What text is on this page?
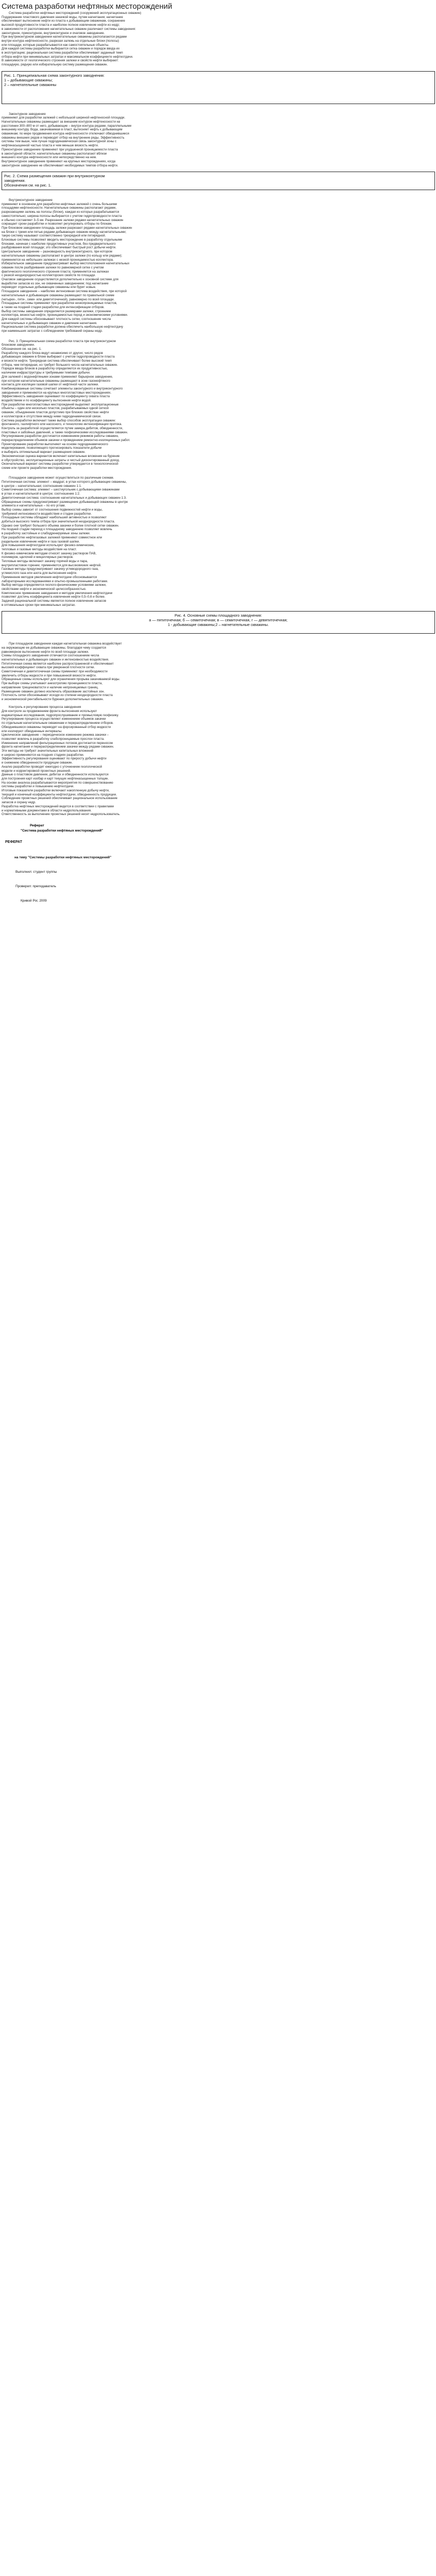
Система разработки нефтяных месторождений
Система разработки нефтяных месторождений (сооружений эксплуатационных скважин)
Поддержание пластового давления закачкой воды, путем нагнетания; нагнетание
обеспечивает вытеснение нефти из пласта к добывающим скважинам, сохранение
высокой продуктивности пласта и наиболее полное извлечение нефти из недр;
в зависимости от расположения нагнетательных скважин различают системы заводнения:
законтурное, приконтурное, внутриконтурное и очаговое заводнение.
При внутриконтурном заводнении нагнетательные скважины располагаются рядами
внутри контура нефтеносности, разрезая залежь на отдельные блоки (полосы)
или площади, которые разрабатываются как самостоятельные объекты.
Для каждой системы разработки выбирается сетка скважин и порядок ввода их
в эксплуатацию; рациональная система разработки обеспечивает заданный темп
отбора нефти при минимальных затратах и максимальном коэффициенте нефтеотдачи.
В зависимости от геологического строения залежи и свойств нефти выбирают:
площадную, рядную или избирательную систему размещения скважин.
Рис. 1. Принципиальная схема законтурного заводнения:
1 – добывающие скважины;
2 – нагнетательные скважины
Законтурное заводнение
применяют для разработки залежей с небольшой шириной нефтеносной площади.
Нагнетательные скважины размещают за внешним контуром нефтеносности на
расстоянии 300–800 м от него, добывающие – внутри контура рядами, параллельными
внешнему контуру. Вода, закачиваемая в пласт, вытесняет нефть к добывающим
скважинам; по мере продвижения контура нефтеносности отключают обводнившиеся
скважины внешних рядов и переводят отбор на внутренние ряды. Эффективность
системы тем выше, чем лучше гидродинамическая связь законтурной зоны с
нефтенасыщенной частью пласта и чем меньше вязкость нефти.
Приконтурное заводнение применяют при ухудшенной проницаемости пласта
в законтурной области; нагнетательные скважины располагают вблизи
внешнего контура нефтеносности или непосредственно на нем.
Внутриконтурное заводнение применяют на крупных месторождениях, когда
законтурное заводнение не обеспечивает необходимых темпов отбора нефти.
Рис. 2. Схема размещения скважин при внутриконтурном
заводнении.
Обозначения см. на рис. 1.
Внутриконтурное заводнение
применяют в основном для разработки нефтяных залежей с очень большими
площадями нефтеносности. Нагнетательные скважины располагают рядами,
разрезающими залежь на полосы (блоки), каждая из которых разрабатывается
самостоятельно; ширина полосы выбирается с учетом гидропроводности пласта
и обычно составляет 3–5 км. Разрезание залежи рядами нагнетательных скважин
сокращает сроки разработки и позволяет регулировать отборы по блокам.
При блоковом заводнении площадь залежи разрезают рядами нагнетательных скважин
на блоки с тремя или пятью рядами добывающих скважин между нагнетательными;
такую систему называют соответственно трехрядной или пятирядной.
Блоковые системы позволяют вводить месторождение в разработку отдельными
блоками, начиная с наиболее продуктивных участков, без предварительного
разбуривания всей площади; это обеспечивает быстрый рост добычи нефти.
Центральное заводнение – разновидность внутриконтурного, при котором
нагнетательные скважины располагают в центре залежи (по кольцу или рядами);
применяется на небольших залежах с низкой проницаемостью коллектора.
Избирательное заводнение предусматривает выбор местоположения нагнетательных
скважин после разбуривания залежи по равномерной сетке с учетом
фактического геологического строения пласта; применяется на залежах
с резкой неоднородностью коллекторских свойств по площади.
Очаговое заводнение осуществляется дополнительно к основной системе для
выработки запасов из зон, не охваченных заводнением; под нагнетание
переводят отдельные добывающие скважины или бурят новые.
Площадное заводнение – наиболее интенсивная система воздействия, при которой
нагнетательные и добывающие скважины размещают по правильной схеме
(четырех-, пяти-, семи- или девятиточечной), равномерно по всей площади.
Площадные системы применяют при разработке низкопроницаемых пластов,
а также на поздней стадии разработки для интенсификации отборов.
Выбор системы заводнения определяется размерами залежи, строением
коллектора, вязкостью нефти, проницаемостью пород и экономическими условиями.
Для каждой системы обосновывают плотность сетки, соотношение числа
нагнетательных и добывающих скважин и давление нагнетания.
Рациональная система разработки должна обеспечить наибольшую нефтеотдачу
при наименьших затратах с соблюдением требований охраны недр.
Рис. 3. Принципиальная схема разработки пласта при внутриконтурном
блоковом заводнении.
Обозначения см. на рис. 1.
Разработку каждого блока ведут независимо от других; число рядов
добывающих скважин в блоке выбирают с учетом гидропроводности пласта
и вязкости нефти. Трехрядная система обеспечивает более высокий темп
отбора, чем пятирядная, но требует большего числа нагнетательных скважин.
Порядок ввода блоков в разработку определяется их продуктивностью,
наличием инфраструктуры и требуемыми темпами добычи.
Для залежей с водонефтяными зонами применяют барьерное заводнение,
при котором нагнетательные скважины размещают в зоне газонефтяного
контакта для изоляции газовой шапки от нефтяной части залежи.
Комбинированные системы сочетают элементы законтурного и внутриконтурного
заводнения и применяются на крупных многопластовых месторождениях.
Эффективность заводнения оценивают по коэффициенту охвата пласта
воздействием и по коэффициенту вытеснения нефти водой.
При разработке многопластовых месторождений выделяют эксплуатационные
объекты – один или несколько пластов, разрабатываемых одной сеткой
скважин; объединение пластов допустимо при близких свойствах нефти
и коллекторов и отсутствии между ними гидродинамической связи.
Система разработки включает также выбор способов эксплуатации скважин:
фонтанного, газлифтного или насосного, и технологию интенсификации притока.
Контроль за разработкой осуществляется путем замера дебитов, обводненности,
пластовых и забойных давлений, а также геофизическими исследованиями скважин.
Регулирование разработки достигается изменением режимов работы скважин,
перераспределением объемов закачки и проведением ремонтно-изоляционных работ.
Проектирование разработки выполняют на основе гидродинамического
моделирования, позволяющего прогнозировать показатели добычи
и выбирать оптимальный вариант размещения скважин.
Экономическая оценка вариантов включает капитальные вложения на бурение
и обустройство, эксплуатационные затраты и чистый дисконтированный доход.
Окончательный вариант системы разработки утверждается в технологической
схеме или проекте разработки месторождения.
Площадное заводнение может осуществляться по различным схемам.
Пятиточечная система: элемент – квадрат, в углах которого добывающие скважины,
в центре – нагнетательная; соотношение скважин 1:1.
Семиточечная система: элемент – шестиугольник с добывающими скважинами
в углах и нагнетательной в центре; соотношение 1:2.
Девятиточечная система: соотношение нагнетательных и добывающих скважин 1:3.
Обращенные схемы предусматривают размещение добывающей скважины в центре
элемента и нагнетательных – по его углам.
Выбор схемы зависит от соотношения подвижностей нефти и воды,
требуемой интенсивности воздействия и стадии разработки.
Площадные системы обладают наибольшей активностью и позволяют
добиться высокого темпа отбора при значительной неоднородности пласта.
Однако они требуют большего объема закачки и более плотной сетки скважин.
На поздней стадии переход к площадному заводнению позволяет вовлечь
в разработку застойные и слабодренируемые зоны залежи.
При разработке нефтегазовых залежей применяют совместное или
раздельное извлечение нефти и газа газовой шапки.
Для повышения нефтеотдачи используют физико-химические,
тепловые и газовые методы воздействия на пласт.
К физико-химическим методам относят закачку растворов ПАВ,
полимеров, щелочей и мицеллярных растворов.
Тепловые методы включают закачку горячей воды и пара,
внутрипластовое горение; применяются для высоковязких нефтей.
Газовые методы предусматривают закачку углеводородного газа,
углекислого газа или азота для вытеснения нефти.
Применение методов увеличения нефтеотдачи обосновывается
лабораторными исследованиями и опытно-промышленными работами.
Выбор метода определяется геолого-физическими условиями залежи,
свойствами нефти и экономической целесообразностью.
Комплексное применение заводнения и методов увеличения нефтеотдачи
позволяет достичь коэффициента извлечения нефти 0,5–0,6 и более.
Задачей рациональной системы является полное извлечение запасов
в оптимальные сроки при минимальных затратах.
Рис. 4. Основные схемы площадного заводнения:
a — пятиточечная; б — семиточечная; в — семиточечная, г — девятиточечная;
1 - добывающие скважины;2 – нагнетательные скважины.
При площадном заводнении каждая нагнетательная скважина воздействует
на окружающие ее добывающие скважины, благодаря чему создается
равномерное вытеснение нефти по всей площади залежи.
Схемы площадного заводнения отличаются соотношением числа
нагнетательных и добывающих скважин и интенсивностью воздействия.
Пятиточечная схема является наиболее распространенной и обеспечивает
высокий коэффициент охвата при умеренной плотности сетки.
Семиточечная и девятиточечная схемы применяют при необходимости
увеличить отборы жидкости и при повышенной вязкости нефти.
Обращенные схемы используют для ограничения прорыва закачиваемой воды.
При выборе схемы учитывают анизотропию проницаемости пласта,
направление трещиноватости и наличие непроницаемых границ.
Размещение скважин должно исключать образование застойных зон.
Плотность сетки обосновывают исходя из степени неоднородности пласта
и экономической рентабельности бурения дополнительных скважин.
Контроль и регулирование процесса заводнения
Для контроля за продвижением фронта вытеснения используют
индикаторные исследования, гидропрослушивание и промысловую геофизику.
Регулирование процесса осуществляют изменением объемов закачки
по отдельным нагнетательным скважинам и перераспределением отборов.
Обводнившиеся скважины переводят на форсированный отбор жидкости
или изолируют обводненные интервалы.
Циклическое заводнение – периодическое изменение режима закачки –
позволяет вовлечь в разработку слабопроницаемые прослои пласта.
Изменение направлений фильтрационных потоков достигается переносом
фронта нагнетания и перераспределением закачки между рядами скважин.
Эти методы не требуют значительных капитальных вложений
и широко применяются на поздних стадиях разработки.
Эффективность регулирования оценивают по приросту добычи нефти
и снижению обводненности продукции скважин.
Анализ разработки проводят ежегодно с уточнением геологической
модели и корректировкой проектных решений.
Данные о пластовом давлении, дебитах и обводненности используются
для построения карт изобар и карт текущих нефтенасыщенных толщин.
На основе анализа разрабатываются мероприятия по совершенствованию
системы разработки и повышению нефтеотдачи.
Итоговые показатели разработки включают накопленную добычу нефти,
текущий и конечный коэффициенты нефтеотдачи, обводненность продукции.
Соблюдение проектных решений обеспечивает рациональное использование
запасов и охрану недр.
Разработка нефтяных месторождений ведется в соответствии с правилами
и нормативными документами в области недропользования.
Ответственность за выполнение проектных решений несет недропользователь.
Реферат
"Система разработки нефтяных месторождений"
РЕФЕРАТ
на тему "Системы разработки нефтяных месторождений"
Выполнил: студент группы
Проверил: преподаватель
Кривой Рог, 2009
